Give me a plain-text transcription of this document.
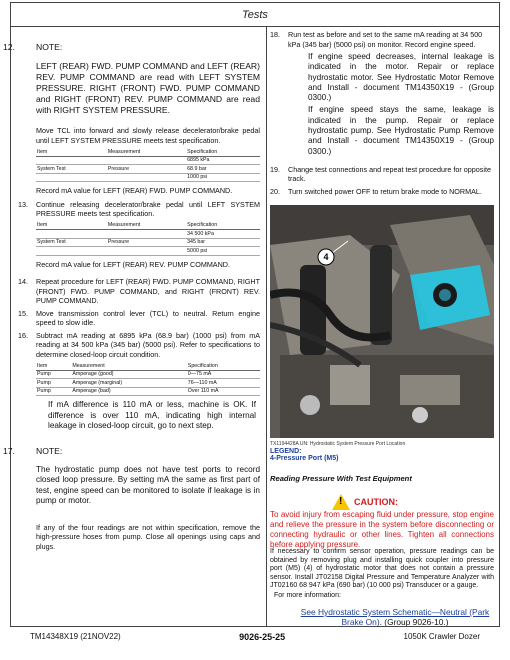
Tests
12.	NOTE:
LEFT (REAR) FWD. PUMP COMMAND and LEFT (REAR) REV. PUMP COMMAND are read with LEFT SYSTEM PRESSURE. RIGHT (FRONT) FWD. PUMP COMMAND and RIGHT (FRONT) REV. PUMP COMMAND are read with RIGHT SYSTEM PRESSURE.
Move TCL into forward and slowly release decelerator/brake pedal until LEFT SYSTEM PRESSURE meets test specification.
Item	Measurement	Specification
		6895 kPa
System Test	Pressure	68.9 bar
		1000 psi
Record mA value for LEFT (REAR) FWD. PUMP COMMAND.
13.	Continue releasing decelerator/brake pedal until LEFT SYSTEM PRESSURE meets test specification.
Item	Measurement	Specification
		34 500 kPa
System Test	Pressure	345 bar
		5000 psi
Record mA value for LEFT (REAR) REV. PUMP COMMAND.
14.	Repeat procedure for LEFT (REAR) FWD. PUMP COMMAND, RIGHT (FRONT) FWD. PUMP COMMAND, and RIGHT (FRONT) REV. PUMP COMMAND.
15.	Move transmission control lever (TCL) to neutral. Return engine speed to slow idle.
16.	Subtract mA reading at 6895 kPa (68.9 bar) (1000 psi) from mA reading at 34 500 kPa (345 bar) (5000 psi). Refer to specifications to determine closed-loop circuit condition.
Item	Measurement	Specification
Pump	Amperage (good)	0—75 mA
Pump	Amperage (marginal)	76—110 mA
Pump	Amperage (bad)	Over 110 mA
If mA difference is 110 mA or less, machine is OK. If difference is over 110 mA, indicating high internal leakage in closed-loop circuit, go to next step.
17.	NOTE:
The hydrostatic pump does not have test ports to record closed loop pressure. By setting mA the same as first part of test, engine speed can be monitored to isolate if leakage is in pump or motor.
If any of the four readings are not within specification, remove the high-pressure hoses from pump. Close all openings using caps and plugs.
18.	Run test as before and set to the same mA reading at 34 500 kPa (345 bar) (5000 psi) on monitor. Record engine speed.
If engine speed decreases, internal leakage is indicated in the motor. Repair or replace hydrostatic motor. See Hydrostatic Motor Remove and Install - document TM14350X19 - (Group 0300.)
If engine speed stays the same, leakage is indicated in the pump. Repair or replace hydrostatic pump. See Hydrostatic Pump Remove and Install - document TM14350X19 - (Group 0300.)
19.	Change test connections and repeat test procedure for opposite track.
20.	Turn switched power OFF to return brake mode to NORMAL.
4
TX1194428A UN: Hydrostatic System Pressure Port Location
LEGEND:
4-Pressure Port (M5)
Reading Pressure With Test Equipment
! CAUTION:
To avoid injury from escaping fluid under pressure, stop engine and relieve the pressure in the system before disconnecting or connecting hydraulic or other lines. Tighten all connections before applying pressure.
If necessary to confirm sensor operation, pressure readings can be obtained by removing plug and installing quick coupler into pressure port (M5) (4) of hydrostatic motor that does not contain a pressure sensor. Install JT02158 Digital Pressure and Temperature Analyzer with JT02160 68 947 kPa (690 bar) (10 000 psi) Transducer or a gauge.
For more information:
See Hydrostatic System Schematic—Neutral (Park Brake On). (Group 9026-10.)
TM14348X19 (21NOV22)	9026-25-25	1050K Crawler Dozer
